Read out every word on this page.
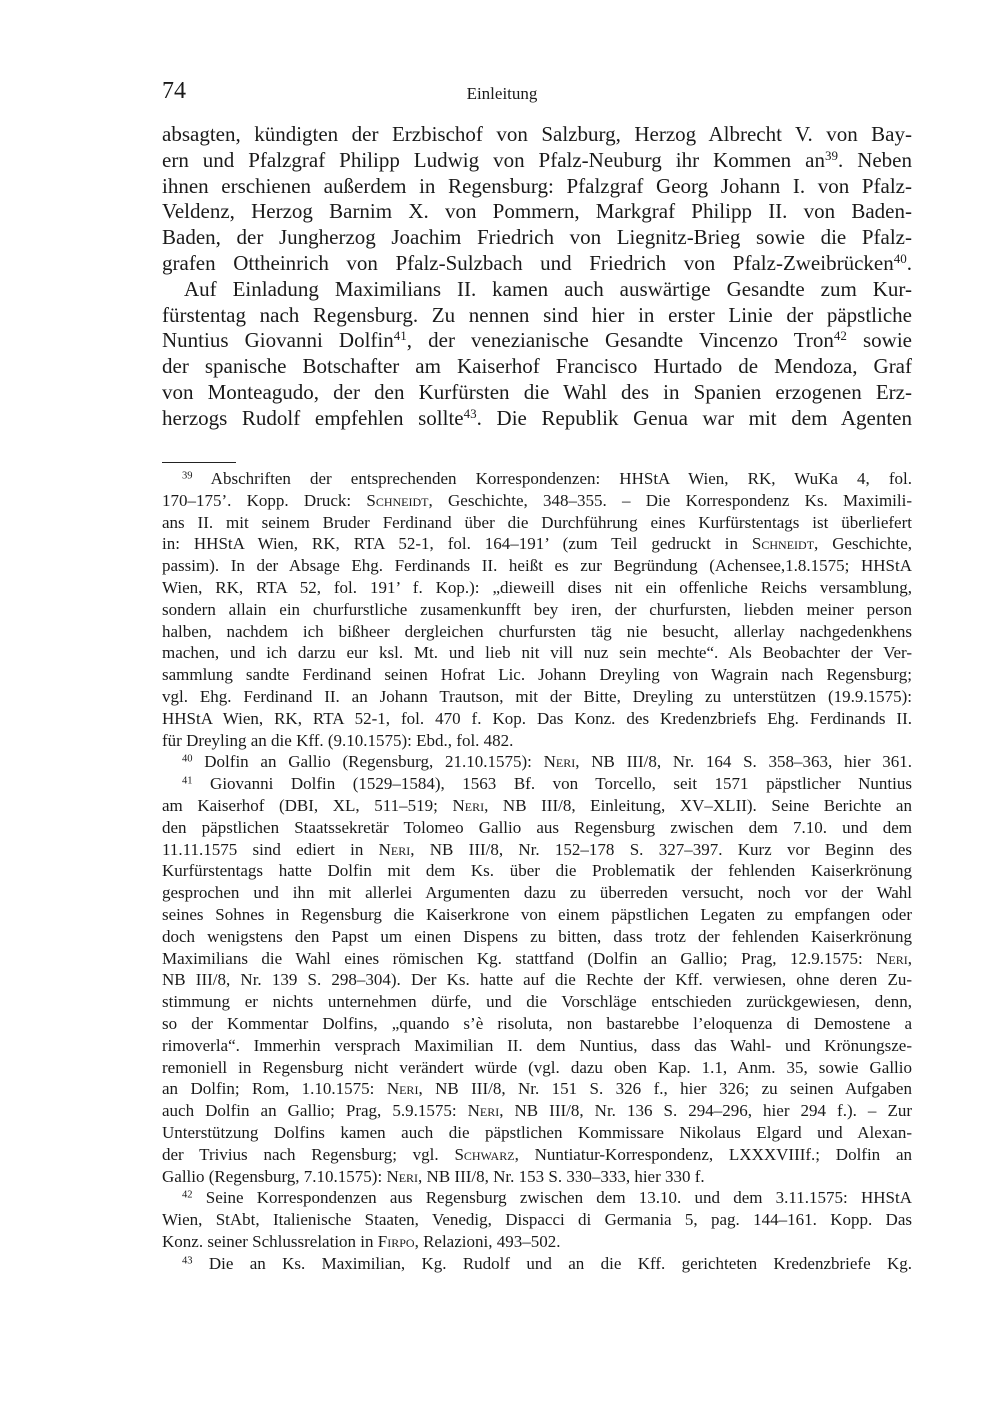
74	Einleitung
absagten, kündigten der Erzbischof von Salzburg, Herzog Albrecht V. von Bay-
ern und Pfalzgraf Philipp Ludwig von Pfalz-Neuburg ihr Kommen $an^{39}$. Neben
ihnen erschienen außerdem in Regensburg: Pfalzgraf Georg Johann I. von Pfalz-
Veldenz, Herzog Barnim X. von Pommern, Markgraf Philipp II. von Baden-
Baden, der Jungherzog Joachim Friedrich von Liegnitz-Brieg sowie die Pfalz-
grafen Ottheinrich von Pfalz-Sulzbach und Friedrich von Pfalz-Zweibrücken$^{40}$.
Auf Einladung Maximilians II. kamen auch auswärtige Gesandte zum Kur-
fürstentag nach Regensburg. Zu nennen sind hier in erster Linie der päpstliche
Nuntius Giovanni Dolfin$^{41}$, der venezianische Gesandte Vincenzo Tron$^{42}$ sowie
der spanische Botschafter am Kaiserhof Francisco Hurtado de Mendoza, Graf
von Monteagudo, der den Kurfürsten die Wahl des in Spanien erzogenen Erz-
herzogs Rudolf empfehlen sollte$^{43}$. Die Republik Genua war mit dem Agenten
$^{39}$ Abschriften der entsprechenden Korrespondenzen: HHStA Wien, RK, WuKa 4, fol.
170–175’. Kopp. Druck: Schneidt, Geschichte, 348–355. – Die Korrespondenz Ks. Maximili-
ans II. mit seinem Bruder Ferdinand über die Durchführung eines Kurfürstentags ist überliefert
in: HHStA Wien, RK, RTA 52-1, fol. 164–191’ (zum Teil gedruckt in Schneidt, Geschichte,
passim). In der Absage Ehg. Ferdinands II. heißt es zur Begründung (Achensee,1.8.1575; HHStA
Wien, RK, RTA 52, fol. 191’ f. Kop.): „dieweill dises nit ein offenliche Reichs versamblung,
sondern allain ein churfurstliche zusamenkunfft bey iren, der churfursten, liebden meiner person
halben, nachdem ich bißheer dergleichen churfursten täg nie besucht, allerlay nachgedenkhens
machen, und ich darzu eur ksl. Mt. und lieb nit vill nuz sein mechte“. Als Beobachter der Ver-
sammlung sandte Ferdinand seinen Hofrat Lic. Johann Dreyling von Wagrain nach Regensburg;
vgl. Ehg. Ferdinand II. an Johann Trautson, mit der Bitte, Dreyling zu unterstützen (19.9.1575):
HHStA Wien, RK, RTA 52-1, fol. 470 f. Kop. Das Konz. des Kredenzbriefs Ehg. Ferdinands II.
für Dreyling an die Kff. (9.10.1575): Ebd., fol. 482.
$^{40}$ Dolfin an Gallio (Regensburg, 21.10.1575): Neri, NB III/8, Nr. 164 S. 358–363, hier 361.
$^{41}$ Giovanni Dolfin (1529–1584), 1563 Bf. von Torcello, seit 1571 päpstlicher Nuntius
am Kaiserhof (DBI, XL, 511–519; Neri, NB III/8, Einleitung, XV–XLII). Seine Berichte an
den päpstlichen Staatssekretär Tolomeo Gallio aus Regensburg zwischen dem 7.10. und dem
11.11.1575 sind ediert in Neri, NB III/8, Nr. 152–178 S. 327–397. Kurz vor Beginn des
Kurfürstentags hatte Dolfin mit dem Ks. über die Problematik der fehlenden Kaiserkrönung
gesprochen und ihn mit allerlei Argumenten dazu zu überreden versucht, noch vor der Wahl
seines Sohnes in Regensburg die Kaiserkrone von einem päpstlichen Legaten zu empfangen oder
doch wenigstens den Papst um einen Dispens zu bitten, dass trotz der fehlenden Kaiserkrönung
Maximilians die Wahl eines römischen Kg. stattfand (Dolfin an Gallio; Prag, 12.9.1575: Neri,
NB III/8, Nr. 139 S. 298–304). Der Ks. hatte auf die Rechte der Kff. verwiesen, ohne deren Zu-
stimmung er nichts unternehmen dürfe, und die Vorschläge entschieden zurückgewiesen, denn,
so der Kommentar Dolfins, „quando s’è risoluta, non bastarebbe l’eloquenza di Demostene a
rimoverla“. Immerhin versprach Maximilian II. dem Nuntius, dass das Wahl- und Krönungsze-
remoniell in Regensburg nicht verändert würde (vgl. dazu oben Kap. 1.1, Anm. 35, sowie Gallio
an Dolfin; Rom, 1.10.1575: Neri, NB III/8, Nr. 151 S. 326 f., hier 326; zu seinen Aufgaben
auch Dolfin an Gallio; Prag, 5.9.1575: Neri, NB III/8, Nr. 136 S. 294–296, hier 294 f.). – Zur
Unterstützung Dolfins kamen auch die päpstlichen Kommissare Nikolaus Elgard und Alexan-
der Trivius nach Regensburg; vgl. Schwarz, Nuntiatur-Korrespondenz, LXXXVIIIf.; Dolfin an
Gallio (Regensburg, 7.10.1575): Neri, NB III/8, Nr. 153 S. 330–333, hier 330 f.
$^{42}$ Seine Korrespondenzen aus Regensburg zwischen dem 13.10. und dem 3.11.1575: HHStA
Wien, StAbt, Italienische Staaten, Venedig, Dispacci di Germania 5, pag. 144–161. Kopp. Das
Konz. seiner Schlussrelation in Firpo, Relazioni, 493–502.
$^{43}$ Die an Ks. Maximilian, Kg. Rudolf und an die Kff. gerichteten Kredenzbriefe Kg.
